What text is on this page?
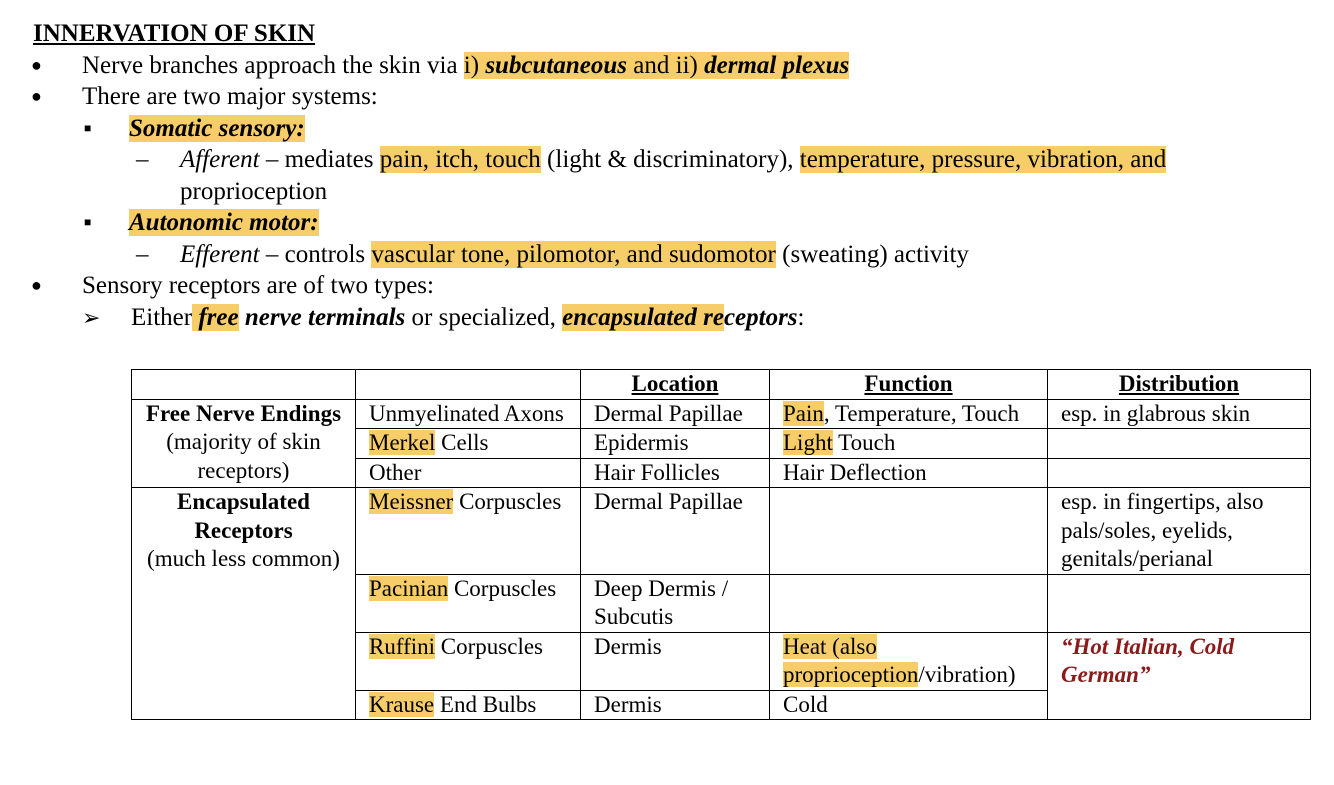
INNERVATION OF SKIN
● Nerve branches approach the skin via i) subcutaneous and ii) dermal plexus
● There are two major systems:
■ Somatic sensory:
– Afferent – mediates pain, itch, touch (light & discriminatory), temperature, pressure, vibration, and proprioception
■ Autonomic motor:
– Efferent – controls vascular tone, pilomotor, and sudomotor (sweating) activity
● Sensory receptors are of two types:
➢ Either free nerve terminals or specialized, encapsulated receptors:
		Location	Function	Distribution

Free Nerve Endings
(majority of skin receptors)	Unmyelinated Axons	Dermal Papillae	Pain, Temperature, Touch	esp. in glabrous skin
	Merkel Cells	Epidermis	Light Touch	
	Other	Hair Follicles	Hair Deflection	

Encapsulated Receptors
(much less common)	Meissner Corpuscles	Dermal Papillae		esp. in fingertips, also pals/soles, eyelids, genitals/perianal
	Pacinian Corpuscles	Deep Dermis / Subcutis		
	Ruffini Corpuscles	Dermis	Heat (also proprioception/vibration)	“Hot Italian, Cold German”
	Krause End Bulbs	Dermis	Cold	
